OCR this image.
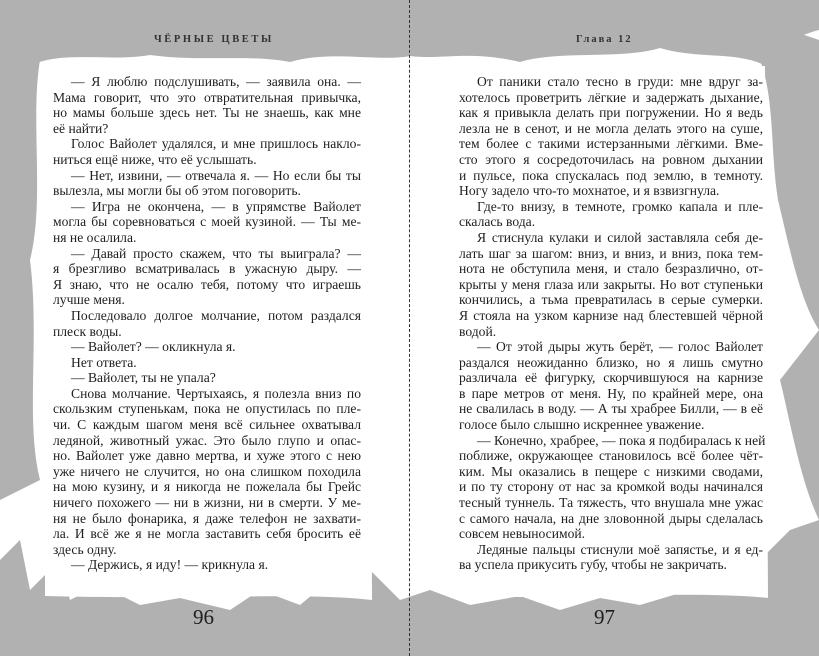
ЧЁРНЫЕ ЦВЕТЫ
— Я люблю подслушивать, — заявила она. —
Мама говорит, что это отвратительная привычка,
но мамы больше здесь нет. Ты не знаешь, как мне
её найти?
Голос Вайолет удалялся, и мне пришлось накло-
ниться ещё ниже, что её услышать.
— Нет, извини, — отвечала я. — Но если бы ты
вылезла, мы могли бы об этом поговорить.
— Игра не окончена, — в упрямстве Вайолет
могла бы соревноваться с моей кузиной. — Ты ме-
ня не осалила.
— Давай просто скажем, что ты выиграла? —
я брезгливо всматривалась в ужасную дыру. —
Я знаю, что не осалю тебя, потому что играешь
лучше меня.
Последовало долгое молчание, потом раздался
плеск воды.
— Вайолет? — окликнула я.
Нет ответа.
— Вайолет, ты не упала?
Снова молчание. Чертыхаясь, я полезла вниз по
скользким ступенькам, пока не опустилась по пле-
чи. С каждым шагом меня всё сильнее охватывал
ледяной, животный ужас. Это было глупо и опас-
но. Вайолет уже давно мертва, и хуже этого с нею
уже ничего не случится, но она слишком походила
на мою кузину, и я никогда не пожелала бы Грейс
ничего похожего — ни в жизни, ни в смерти. У ме-
ня не было фонарика, я даже телефон не захвати-
ла. И всё же я не могла заставить себя бросить её
здесь одну.
— Держись, я иду! — крикнула я.
96
Глава 12
От паники стало тесно в груди: мне вдруг за-
хотелось проветрить лёгкие и задержать дыхание,
как я привыкла делать при погружении. Но я ведь
лезла не в сенот, и не могла делать этого на суше,
тем более с такими истерзанными лёгкими. Вме-
сто этого я сосредоточилась на ровном дыхании
и пульсе, пока спускалась под землю, в темноту.
Ногу задело что-то мохнатое, и я взвизгнула.
Где-то внизу, в темноте, громко капала и пле-
скалась вода.
Я стиснула кулаки и силой заставляла себя де-
лать шаг за шагом: вниз, и вниз, и вниз, пока тем-
нота не обступила меня, и стало безразлично, от-
крыты у меня глаза или закрыты. Но вот ступеньки
кончились, а тьма превратилась в серые сумерки.
Я стояла на узком карнизе над блестевшей чёрной
водой.
— От этой дыры жуть берёт, — голос Вайолет
раздался неожиданно близко, но я лишь смутно
различала её фигурку, скорчившуюся на карнизе
в паре метров от меня. Ну, по крайней мере, она
не свалилась в воду. — А ты храбрее Билли, — в её
голосе было слышно искреннее уважение.
— Конечно, храбрее, — пока я подбиралась к ней
поближе, окружающее становилось всё более чёт-
ким. Мы оказались в пещере с низкими сводами,
и по ту сторону от нас за кромкой воды начинался
тесный туннель. Та тяжесть, что внушала мне ужас
с самого начала, на дне зловонной дыры сделалась
совсем невыносимой.
Ледяные пальцы стиснули моё запястье, и я ед-
ва успела прикусить губу, чтобы не закричать.
97
